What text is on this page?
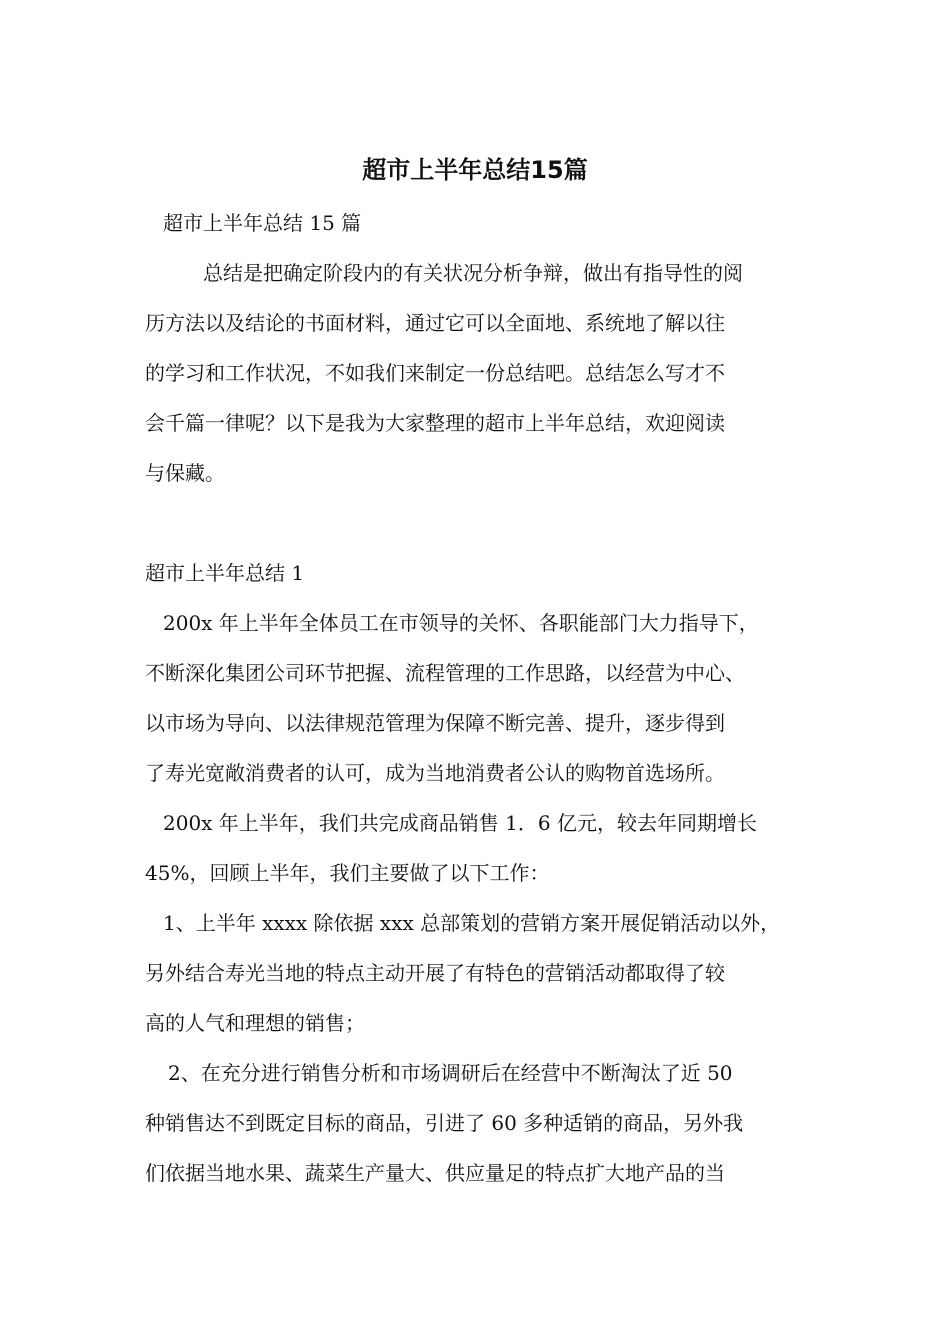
超市上半年总结15篇
超市上半年总结 15 篇
总结是把确定阶段内的有关状况分析争辩，做出有指导性的阅
历方法以及结论的书面材料，通过它可以全面地、系统地了解以往
的学习和工作状况，不如我们来制定一份总结吧。总结怎么写才不
会千篇一律呢？以下是我为大家整理的超市上半年总结，欢迎阅读
与保藏。
超市上半年总结 1
200x 年上半年全体员工在市领导的关怀、各职能部门大力指导下，
不断深化集团公司环节把握、流程管理的工作思路，以经营为中心、
以市场为导向、以法律规范管理为保障不断完善、提升，逐步得到
了寿光宽敞消费者的认可，成为当地消费者公认的购物首选场所。
200x 年上半年，我们共完成商品销售 1．6 亿元，较去年同期增长
45%，回顾上半年，我们主要做了以下工作：
1、上半年 xxxx 除依据 xxx 总部策划的营销方案开展促销活动以外，
另外结合寿光当地的特点主动开展了有特色的营销活动都取得了较
高的人气和理想的销售；
2、在充分进行销售分析和市场调研后在经营中不断淘汰了近 50
种销售达不到既定目标的商品，引进了 60 多种适销的商品，另外我
们依据当地水果、蔬菜生产量大、供应量足的特点扩大地产品的当
